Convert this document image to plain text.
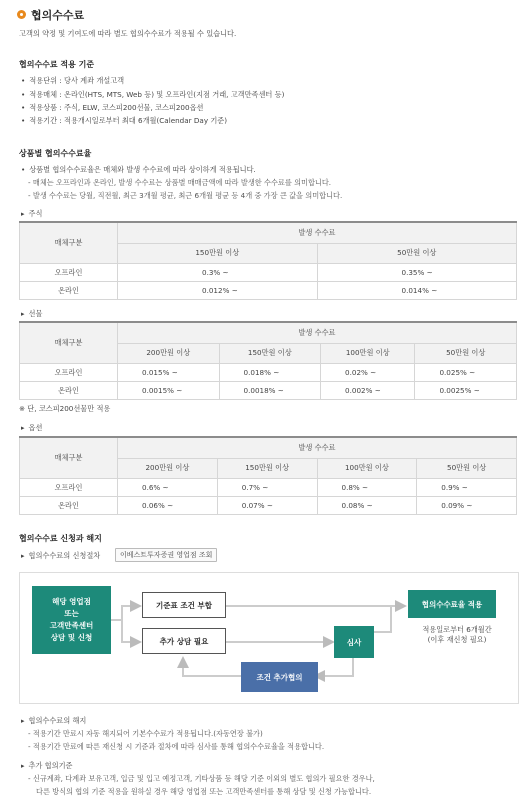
협의수수료
고객의 약정 및 기여도에 따라 별도 협의수수료가 적용될 수 있습니다.
협의수수료 적용 기준
• 적용단위 : 당사 계좌 개설고객
• 적용매체 : 온라인(HTS, MTS, Web 등) 및 오프라인(지점 거래, 고객만족센터 등)
• 적용상품 : 주식, ELW, 코스피200선물, 코스피200옵션
• 적용기간 : 적용개시일로부터 최대 6개월(Calendar Day 기준)
상품별 협의수수료율
• 상품별 협의수수료율은 매체와 발생 수수료에 따라 상이하게 적용됩니다.
- 매체는 오프라인과 온라인, 발생 수수료는 상품별 매매금액에 따라 발생한 수수료를 의미합니다.
- 발생 수수료는 당월, 직전월, 최근 3개월 평균, 최근 6개월 평균 등 4개 중 가장 큰 값을 의미합니다.
▸ 주식
매체구분	발생 수수료	
	150만원 이상	50만원 이상
오프라인	0.3% ~	0.35% ~
온라인	0.012% ~	0.014% ~
▸ 선물
매체구분	발생 수수료			
	200만원 이상	150만원 이상	100만원 이상	50만원 이상
오프라인	0.015% ~	0.018% ~	0.02% ~	0.025% ~
온라인	0.0015% ~	0.0018% ~	0.002% ~	0.0025% ~
※ 단, 코스피200선물만 적용
▸ 옵션
매체구분	발생 수수료			
	200만원 이상	150만원 이상	100만원 이상	50만원 이상
오프라인	0.6% ~	0.7% ~	0.8% ~	0.9% ~
온라인	0.06% ~	0.07% ~	0.08% ~	0.09% ~
협의수수료 신청과 해지
▸ 협의수수료의 신청절차	이베스트투자증권 영업점 조회
해당 영업점
또는
고객만족센터
상담 및 신청
기준표 조건 부합
추가 상담 필요	심사
조건 추가협의
협의수수료율 적용
적용일로부터 6개월간
(이후 재신청 필요)
▸ 협의수수료의 해지
- 적용기간 만료시 자동 해지되어 기본수수료가 적용됩니다.(자동연장 불가)
- 적용기간 만료에 따른 재신청 시 기준과 절차에 따라 심사를 통해 협의수수료율을 적용합니다.
▸ 추가 협의기준
- 신규계좌, 다계좌 보유고객, 입금 및 입고 예정고객, 기타상품 등 해당 기준 이외의 별도 협의가 필요한 경우나,
다른 방식의 협의 기준 적용을 원하실 경우 해당 영업점 또는 고객만족센터를 통해 상담 및 신청 가능합니다.
